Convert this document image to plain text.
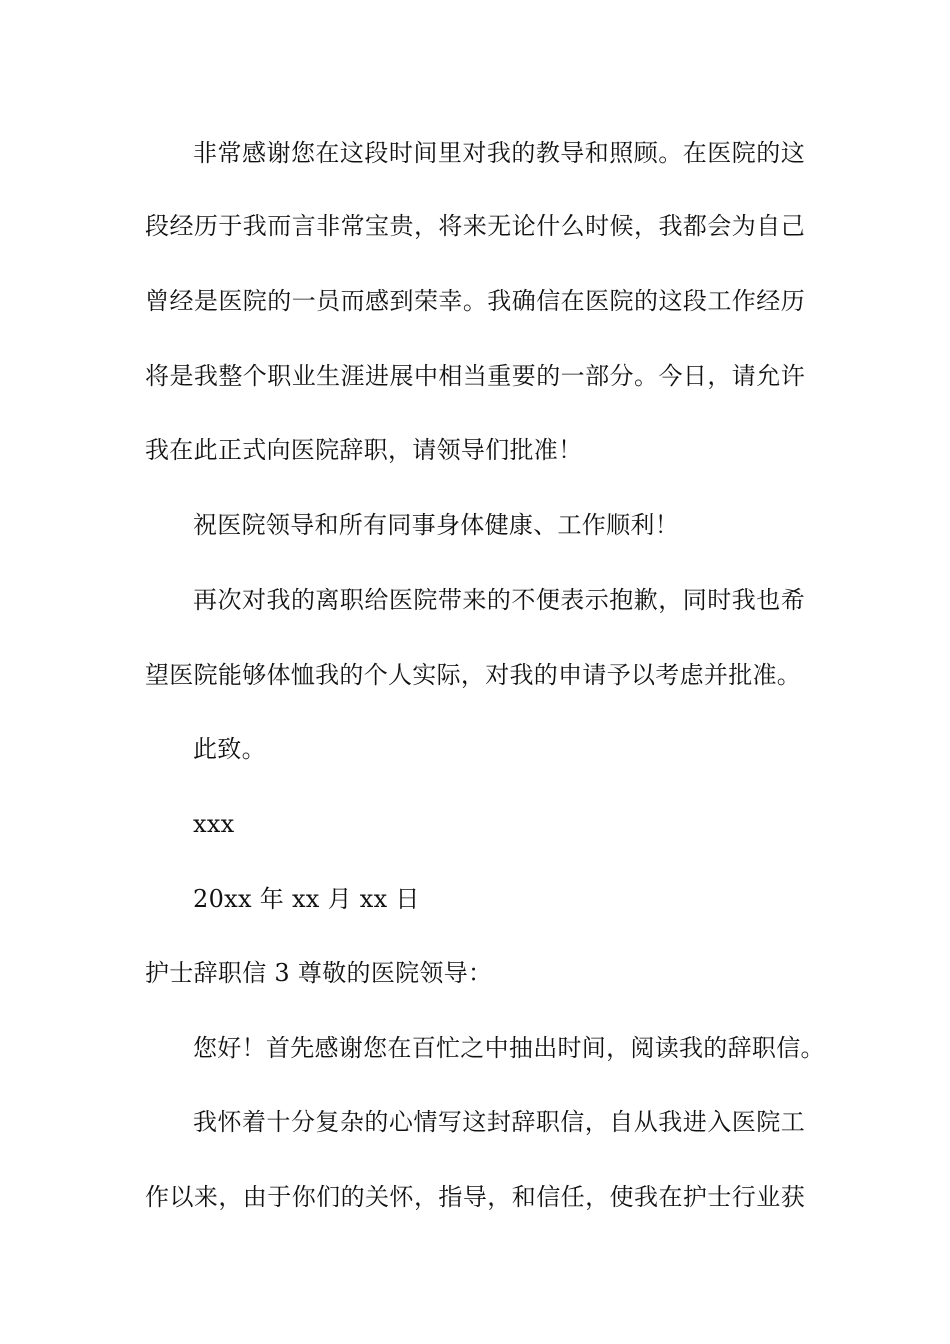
非常感谢您在这段时间里对我的教导和照顾。在医院的这
段经历于我而言非常宝贵，将来无论什么时候，我都会为自己
曾经是医院的一员而感到荣幸。我确信在医院的这段工作经历
将是我整个职业生涯进展中相当重要的一部分。今日，请允许
我在此正式向医院辞职，请领导们批准！
祝医院领导和所有同事身体健康、工作顺利！
再次对我的离职给医院带来的不便表示抱歉，同时我也希
望医院能够体恤我的个人实际，对我的申请予以考虑并批准。
此致。
xxx
20xx 年 xx 月 xx 日
护士辞职信 3 尊敬的医院领导：
您好！首先感谢您在百忙之中抽出时间，阅读我的辞职信。
我怀着十分复杂的心情写这封辞职信，自从我进入医院工
作以来，由于你们的关怀，指导，和信任，使我在护士行业获
